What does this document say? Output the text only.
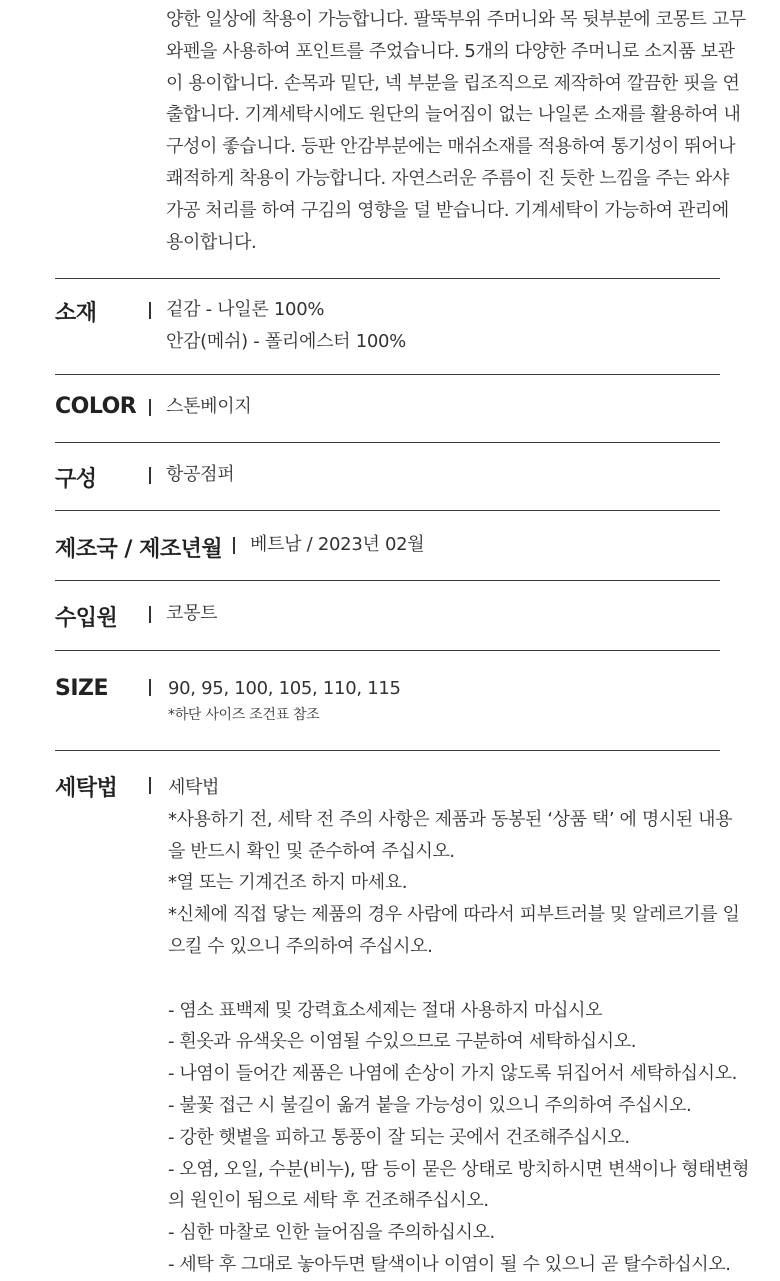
양한 일상에 착용이 가능합니다. 팔뚝부위 주머니와 목 뒷부분에 코몽트 고무

와펜을 사용하여 포인트를 주었습니다. 5개의 다양한 주머니로 소지품 보관

이 용이합니다. 손목과 밑단, 넥 부분을 립조직으로 제작하여 깔끔한 핏을 연

출합니다. 기계세탁시에도 원단의 늘어짐이 없는 나일론 소재를 활용하여 내

구성이 좋습니다. 등판 안감부분에는 매쉬소재를 적용하여 통기성이 뛰어나

쾌적하게 착용이 가능합니다. 자연스러운 주름이 진 듯한 느낌을 주는 와샤

가공 처리를 하여 구김의 영향을 덜 받습니다. 기계세탁이 가능하여 관리에

용이합니다.

소재	겉감 - 나일론 100%

안감(메쉬) - 폴리에스터 100%

COLOR 스톤베이지
구성	항공점퍼
제조국 / 제조년월 베트남 / 2023년 02월
수입원	코몽트
SIZE	90, 95, 100, 105, 110, 115

*하단 사이즈 조건표 참조

세탁법	세탁법

*사용하기 전, 세탁 전 주의 사항은 제품과 동봉된 ‘상품 택’ 에 명시된 내용

을 반드시 확인 및 준수하여 주십시오.

*열 또는 기계건조 하지 마세요.

*신체에 직접 닿는 제품의 경우 사람에 따라서 피부트러블 및 알레르기를 일

으킬 수 있으니 주의하여 주십시오.

- 염소 표백제 및 강력효소세제는 절대 사용하지 마십시오

- 흰옷과 유색옷은 이염될 수있으므로 구분하여 세탁하십시오.

- 나염이 들어간 제품은 나염에 손상이 가지 않도록 뒤집어서 세탁하십시오.

- 불꽃 접근 시 불길이 옮겨 붙을 가능성이 있으니 주의하여 주십시오.

- 강한 햇볕을 피하고 통풍이 잘 되는 곳에서 건조해주십시오.

- 오염, 오일, 수분(비누), 땀 등이 묻은 상태로 방치하시면 변색이나 형태변형

의 원인이 됨으로 세탁 후 건조해주십시오.

- 심한 마찰로 인한 늘어짐을 주의하십시오.

- 세탁 후 그대로 놓아두면 탈색이나 이염이 될 수 있으니 곧 탈수하십시오.
